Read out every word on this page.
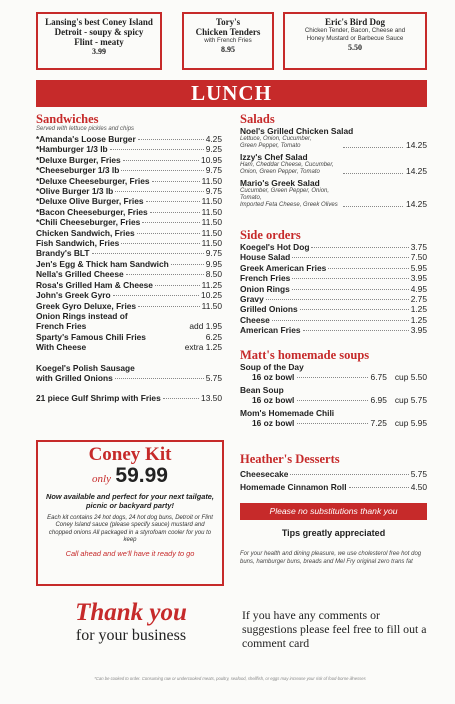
Lansing's best Coney Island
Detroit - soupy & spicy
Flint - meaty
3.99
Tory's
Chicken Tenders
with French Fries
8.95
Eric's Bird Dog
Chicken Tender, Bacon, Cheese and
Honey Mustard or Barbecue Sauce
5.50
LUNCH
Sandwiches
Served with lettuce pickles and chips
*Amanda's Loose Burger	4.25
*Hamburger 1/3 lb	9.25
*Deluxe Burger, Fries	10.95
*Cheeseburger 1/3 lb	9.75
*Deluxe Cheeseburger, Fries	11.50
*Olive Burger 1/3 lb	9.75
*Deluxe Olive Burger, Fries	11.50
*Bacon Cheeseburger, Fries	11.50
*Chili Cheeseburger, Fries	11.50
Chicken Sandwich, Fries	11.50
Fish Sandwich, Fries	11.50
Brandy's BLT	9.75
Jen's Egg & Thick ham Sandwich	9.95
Nella's Grilled Cheese	8.50
Rosa's Grilled Ham & Cheese	11.25
John's Greek Gyro	10.25
Greek Gyro Deluxe, Fries	11.50
Onion Rings instead of
French Fries	add 1.95
Sparty's Famous Chili Fries	6.25
With Cheese	extra 1.25
Koegel's Polish Sausage
with Grilled Onions	5.75
21 piece Gulf Shrimp with Fries	13.50
Salads
Noel's Grilled Chicken Salad
Lettuce, Onion, Cucumber,
Green Pepper, Tomato	14.25
Izzy's Chef Salad
Ham, Cheddar Cheese, Cucumber,
Onion, Green Pepper, Tomato	14.25
Mario's Greek Salad
Cucumber, Green Pepper, Onion, Tomato,
Imported Feta Cheese, Greek Olives	14.25
Side orders
Koegel's Hot Dog	3.75
House Salad	7.50
Greek American Fries	5.95
French Fries	3.95
Onion Rings	4.95
Gravy	2.75
Grilled Onions	1.25
Cheese	1.25
American Fries	3.95
Matt's homemade soups
Soup of the Day
16 oz bowl	6.75 cup 5.50
Bean Soup
16 oz bowl	6.95 cup 5.75
Mom's Homemade Chili
16 oz bowl	7.25 cup 5.95
Heather's Desserts
Cheesecake	5.75
Homemade Cinnamon Roll	4.50
Please no substitutions thank you
Tips greatly appreciated
For your health and dining pleasure, we use cholesterol free hot dog buns, hamburger buns, breads and Mel Fry original zero trans fat
Coney Kit
only 59.99
Now available and perfect for your next tailgate, picnic or backyard party!
Each kit contains 24 hot dogs, 24 hot dog buns, Detroit or Flint Coney Island sauce (please specify sauce) mustard and chopped onions All packaged in a styrofoam cooler for you to keep
Call ahead and we'll have it ready to go
Thank you
for your business
If you have any comments or suggestions please feel free to fill out a comment card
*Can be cooked to order. Consuming raw or undercooked meats, poultry, seafood, shellfish, or eggs may increase your risk of food-borne illnesses
